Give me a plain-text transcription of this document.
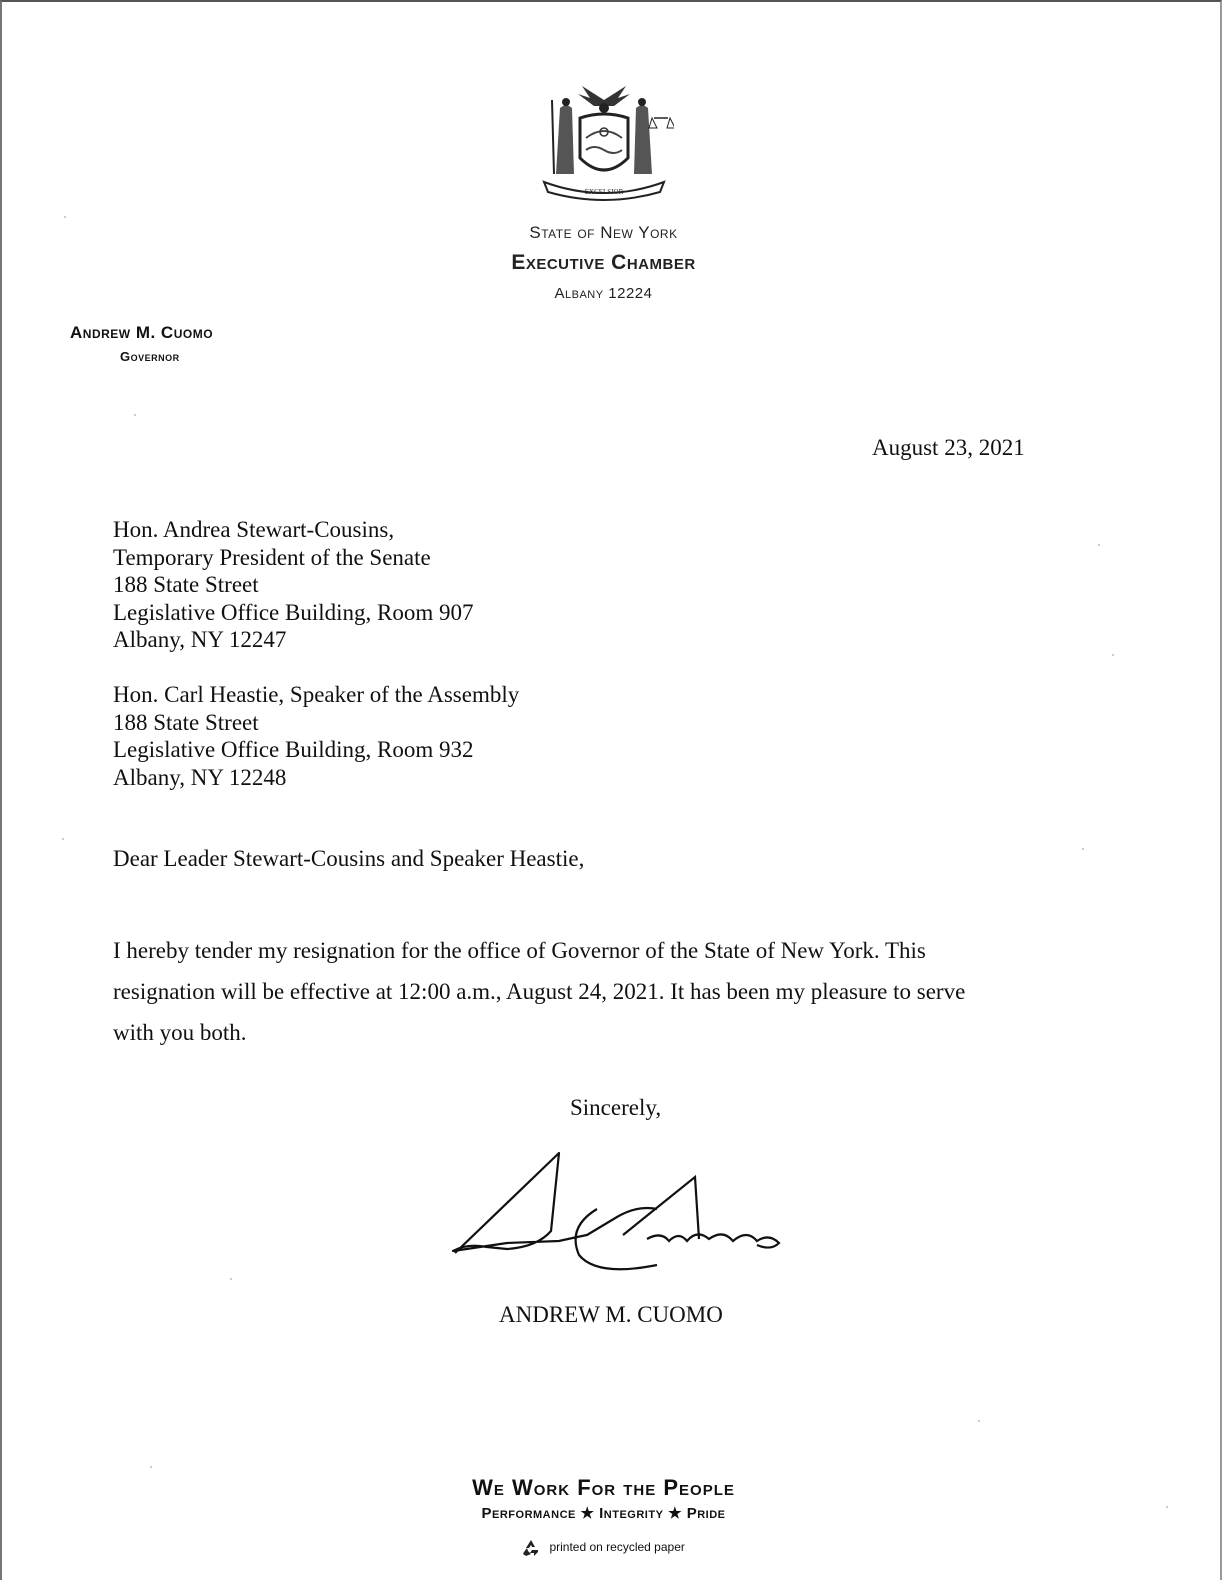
EXCELSIOR
State of New York
Executive Chamber
Albany 12224
Andrew M. Cuomo
Governor
August 23, 2021
Hon. Andrea Stewart-Cousins,
Temporary President of the Senate
188 State Street
Legislative Office Building, Room 907
Albany, NY 12247
Hon. Carl Heastie, Speaker of the Assembly
188 State Street
Legislative Office Building, Room 932
Albany, NY 12248
Dear Leader Stewart-Cousins and Speaker Heastie,
I hereby tender my resignation for the office of Governor of the State of New York. This
resignation will be effective at 12:00 a.m., August 24, 2021. It has been my pleasure to serve
with you both.
Sincerely,
ANDREW M. CUOMO
We Work For the People
Performance ★ Integrity ★ Pride
printed on recycled paper
